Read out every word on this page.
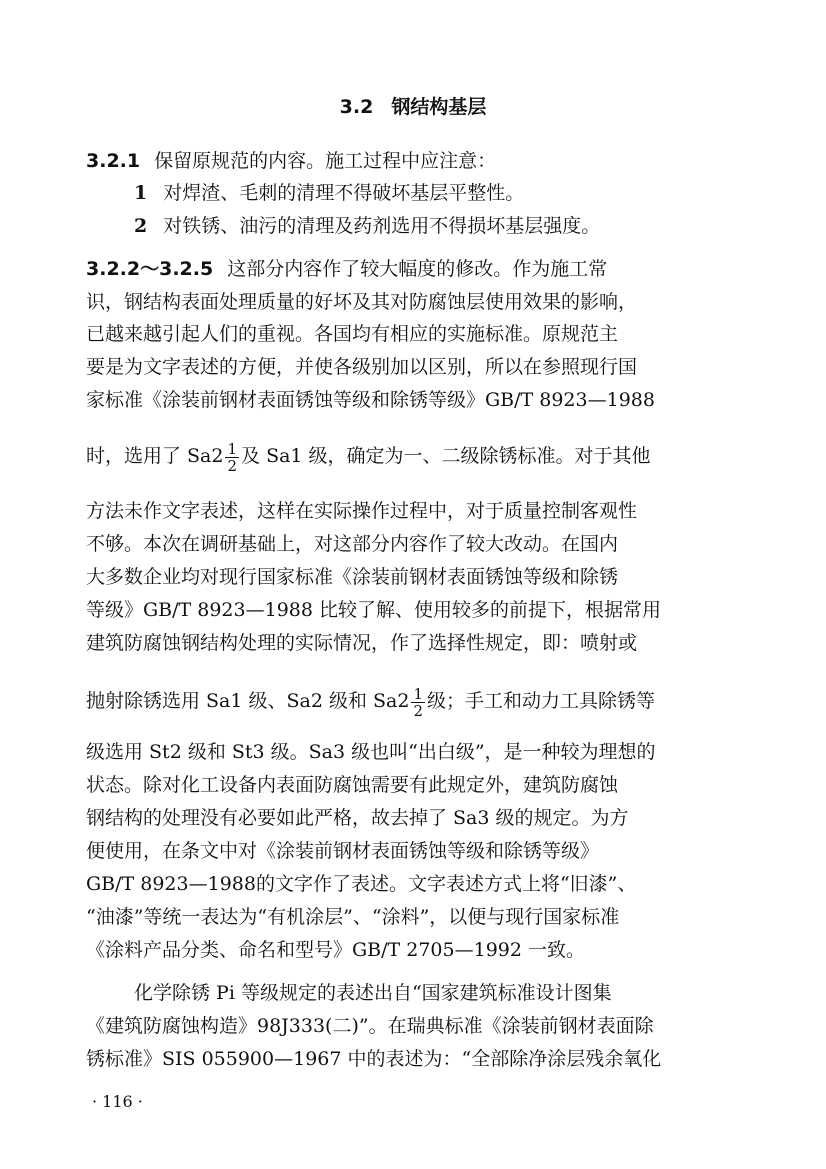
3.2 钢结构基层
3.2.1 保留原规范的内容。施工过程中应注意：
1 对焊渣、毛刺的清理不得破坏基层平整性。
2 对铁锈、油污的清理及药剂选用不得损坏基层强度。
3.2.2～3.2.5 这部分内容作了较大幅度的修改。作为施工常
识，钢结构表面处理质量的好坏及其对防腐蚀层使用效果的影响，
已越来越引起人们的重视。各国均有相应的实施标准。原规范主
要是为文字表述的方便，并使各级别加以区别，所以在参照现行国
家标准《涂装前钢材表面锈蚀等级和除锈等级》GB/T 8923—1988
时，选用了 $Sa2 \frac{1}{2}$ 及 Sa1 级，确定为一、二级除锈标准。对于其他
方法未作文字表述，这样在实际操作过程中，对于质量控制客观性
不够。本次在调研基础上，对这部分内容作了较大改动。在国内
大多数企业均对现行国家标准《涂装前钢材表面锈蚀等级和除锈
等级》GB/T 8923—1988 比较了解、使用较多的前提下，根据常用
建筑防腐蚀钢结构处理的实际情况，作了选择性规定，即：喷射或
抛射除锈选用 Sa1 级、Sa2 级和 $Sa2 \frac{1}{2}$ 级；手工和动力工具除锈等
级选用 St2 级和 St3 级。Sa3 级也叫“出白级”，是一种较为理想的
状态。除对化工设备内表面防腐蚀需要有此规定外，建筑防腐蚀
钢结构的处理没有必要如此严格，故去掉了 Sa3 级的规定。为方
便使用，在条文中对《涂装前钢材表面锈蚀等级和除锈等级》
GB/T 8923—1988的文字作了表述。文字表述方式上将“旧漆”、
“油漆”等统一表达为“有机涂层”、“涂料”，以便与现行国家标准
《涂料产品分类、命名和型号》GB/T 2705—1992 一致。
化学除锈 Pi 等级规定的表述出自“国家建筑标准设计图集
《建筑防腐蚀构造》98J333(二)”。在瑞典标准《涂装前钢材表面除
锈标准》SIS 055900—1967 中的表述为：“全部除净涂层残余氧化
· 116 ·
